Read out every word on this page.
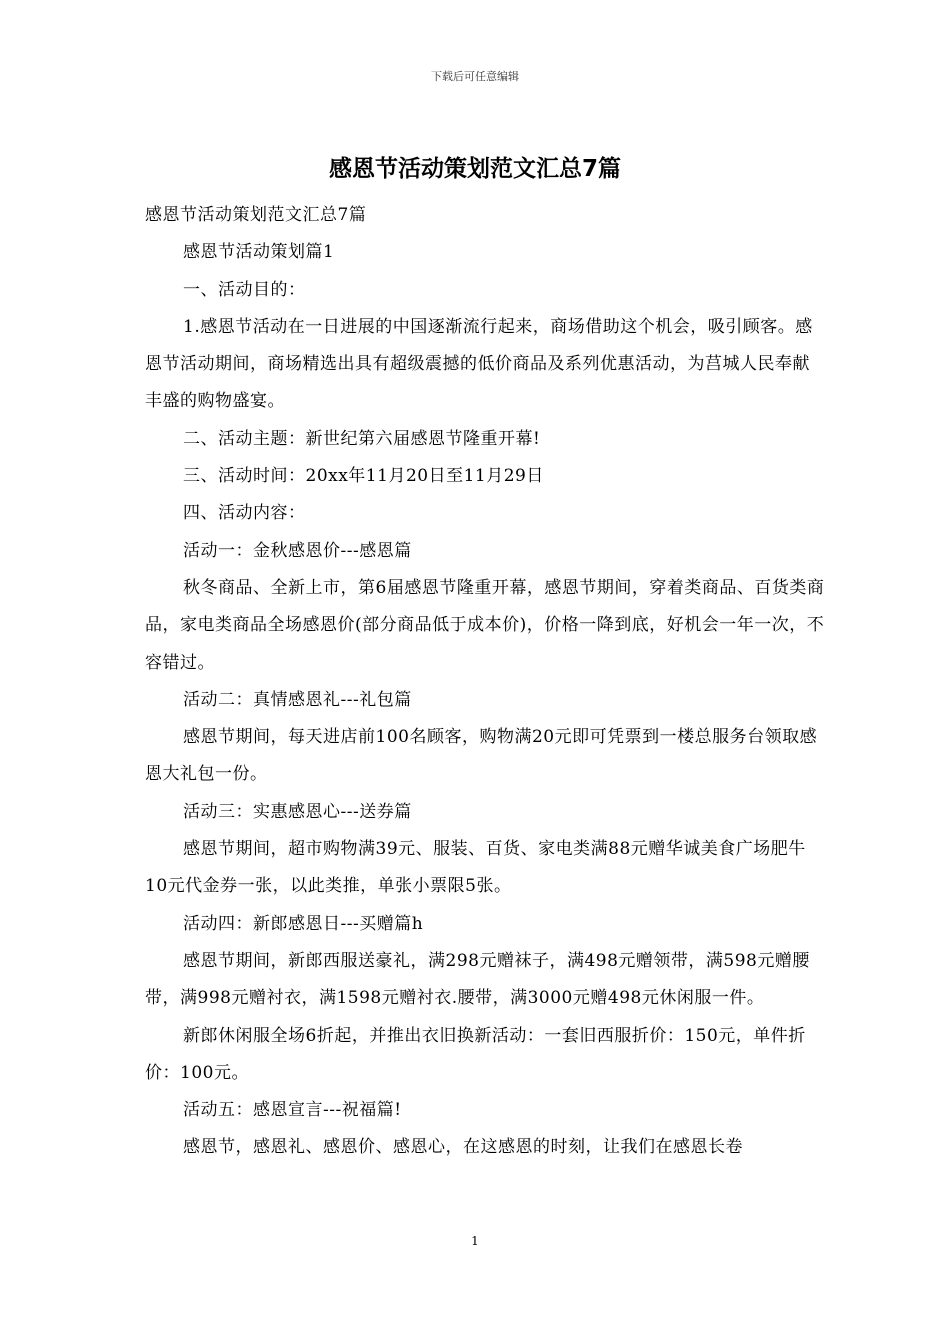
下载后可任意编辑
感恩节活动策划范文汇总7篇

感恩节活动策划范文汇总7篇

感恩节活动策划篇1

一、活动目的：

1.感恩节活动在一日进展的中国逐渐流行起来，商场借助这个机会，吸引顾客。感恩节活动期间，商场精选出具有超级震撼的低价商品及系列优惠活动，为莒城人民奉献丰盛的购物盛宴。

二、活动主题：新世纪第六届感恩节隆重开幕!

三、活动时间：20xx年11月20日至11月29日

四、活动内容：

活动一：金秋感恩价---感恩篇

秋冬商品、全新上市，第6届感恩节隆重开幕，感恩节期间，穿着类商品、百货类商品，家电类商品全场感恩价(部分商品低于成本价)，价格一降到底，好机会一年一次，不容错过。

活动二：真情感恩礼---礼包篇

感恩节期间，每天进店前100名顾客，购物满20元即可凭票到一楼总服务台领取感恩大礼包一份。

活动三：实惠感恩心---送券篇

感恩节期间，超市购物满39元、服装、百货、家电类满88元赠华诚美食广场肥牛10元代金券一张，以此类推，单张小票限5张。

活动四：新郎感恩日---买赠篇h

感恩节期间，新郎西服送豪礼，满298元赠袜子，满498元赠领带，满598元赠腰带，满998元赠衬衣，满1598元赠衬衣.腰带，满3000元赠498元休闲服一件。

新郎休闲服全场6折起，并推出衣旧换新活动：一套旧西服折价：150元，单件折价：100元。

活动五：感恩宣言---祝福篇!

感恩节，感恩礼、感恩价、感恩心，在这感恩的时刻，让我们在感恩长卷

1
